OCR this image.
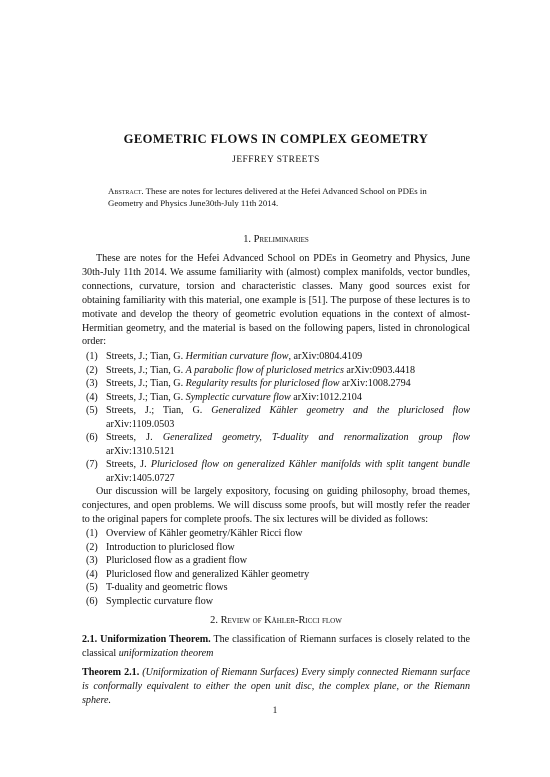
GEOMETRIC FLOWS IN COMPLEX GEOMETRY
JEFFREY STREETS
Abstract. These are notes for lectures delivered at the Hefei Advanced School on PDEs in Geometry and Physics June30th-July 11th 2014.
1. Preliminaries

These are notes for the Hefei Advanced School on PDEs in Geometry and Physics, June 30th-July 11th 2014. We assume familiarity with (almost) complex manifolds, vector bundles, connections, curvature, torsion and characteristic classes. Many good sources exist for obtaining familiarity with this material, one example is [51]. The purpose of these lectures is to motivate and develop the theory of geometric evolution equations in the context of almost-Hermitian geometry, and the material is based on the following papers, listed in chronological order:

(1) Streets, J.; Tian, G. Hermitian curvature flow, arXiv:0804.4109
(2) Streets, J.; Tian, G. A parabolic flow of pluriclosed metrics arXiv:0903.4418
(3) Streets, J.; Tian, G. Regularity results for pluriclosed flow arXiv:1008.2794
(4) Streets, J.; Tian, G. Symplectic curvature flow arXiv:1012.2104
(5) Streets, J.; Tian, G. Generalized Kähler geometry and the pluriclosed flow arXiv:1109.0503
(6) Streets, J. Generalized geometry, T-duality and renormalization group flow arXiv:1310.5121
(7) Streets, J. Pluriclosed flow on generalized Kähler manifolds with split tangent bundle arXiv:1405.0727

Our discussion will be largely expository, focusing on guiding philosophy, broad themes, conjectures, and open problems. We will discuss some proofs, but will mostly refer the reader to the original papers for complete proofs. The six lectures will be divided as follows:

(1) Overview of Kähler geometry/Kähler Ricci flow
(2) Introduction to pluriclosed flow
(3) Pluriclosed flow as a gradient flow
(4) Pluriclosed flow and generalized Kähler geometry
(5) T-duality and geometric flows
(6) Symplectic curvature flow
2. Review of Kähler-Ricci flow

2.1. Uniformization Theorem. The classification of Riemann surfaces is closely related to the classical uniformization theorem

Theorem 2.1. (Uniformization of Riemann Surfaces) Every simply connected Riemann surface is conformally equivalent to either the open unit disc, the complex plane, or the Riemann sphere.

1
